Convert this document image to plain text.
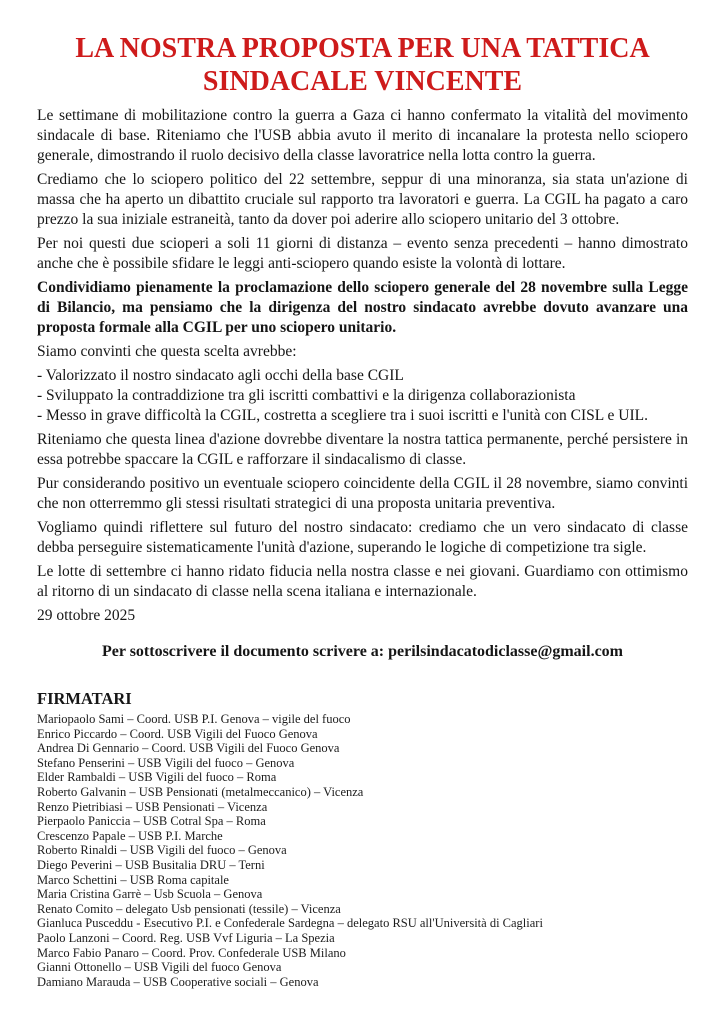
LA NOSTRA PROPOSTA PER UNA TATTICA SINDACALE VINCENTE

Le settimane di mobilitazione contro la guerra a Gaza ci hanno confermato la vitalità del movimento sindacale di base. Riteniamo che l'USB abbia avuto il merito di incanalare la protesta nello sciopero generale, dimostrando il ruolo decisivo della classe lavoratrice nella lotta contro la guerra.

Crediamo che lo sciopero politico del 22 settembre, seppur di una minoranza, sia stata un'azione di massa che ha aperto un dibattito cruciale sul rapporto tra lavoratori e guerra. La CGIL ha pagato a caro prezzo la sua iniziale estraneità, tanto da dover poi aderire allo sciopero unitario del 3 ottobre.

Per noi questi due scioperi a soli 11 giorni di distanza – evento senza precedenti – hanno dimostrato anche che è possibile sfidare le leggi anti-sciopero quando esiste la volontà di lottare.

Condividiamo pienamente la proclamazione dello sciopero generale del 28 novembre sulla Legge di Bilancio, ma pensiamo che la dirigenza del nostro sindacato avrebbe dovuto avanzare una proposta formale alla CGIL per uno sciopero unitario.

Siamo convinti che questa scelta avrebbe:

- Valorizzato il nostro sindacato agli occhi della base CGIL
- Sviluppato la contraddizione tra gli iscritti combattivi e la dirigenza collaborazionista
- Messo in grave difficoltà la CGIL, costretta a scegliere tra i suoi iscritti e l'unità con CISL e UIL.

Riteniamo che questa linea d'azione dovrebbe diventare la nostra tattica permanente, perché persistere in essa potrebbe spaccare la CGIL e rafforzare il sindacalismo di classe.

Pur considerando positivo un eventuale sciopero coincidente della CGIL il 28 novembre, siamo convinti che non otterremmo gli stessi risultati strategici di una proposta unitaria preventiva.

Vogliamo quindi riflettere sul futuro del nostro sindacato: crediamo che un vero sindacato di classe debba perseguire sistematicamente l'unità d'azione, superando le logiche di competizione tra sigle.

Le lotte di settembre ci hanno ridato fiducia nella nostra classe e nei giovani. Guardiamo con ottimismo al ritorno di un sindacato di classe nella scena italiana e internazionale.

29 ottobre 2025

Per sottoscrivere il documento scrivere a: perilsindacatodiclasse@gmail.com

FIRMATARI
Mariopaolo Sami – Coord. USB P.I. Genova – vigile del fuoco
Enrico Piccardo – Coord. USB Vigili del Fuoco Genova
Andrea Di Gennario – Coord. USB Vigili del Fuoco Genova
Stefano Penserini – USB Vigili del fuoco – Genova
Elder Rambaldi – USB Vigili del fuoco – Roma
Roberto Galvanin – USB Pensionati (metalmeccanico) – Vicenza
Renzo Pietribiasi – USB Pensionati – Vicenza
Pierpaolo Paniccia – USB Cotral Spa – Roma
Crescenzo Papale – USB P.I. Marche
Roberto Rinaldi – USB Vigili del fuoco – Genova
Diego Peverini – USB Busitalia DRU – Terni
Marco Schettini – USB Roma capitale
Maria Cristina Garrè – Usb Scuola – Genova
Renato Comito – delegato Usb pensionati (tessile) – Vicenza
Gianluca Pusceddu - Esecutivo P.I. e Confederale Sardegna – delegato RSU all'Università di Cagliari
Paolo Lanzoni – Coord. Reg. USB Vvf Liguria – La Spezia
Marco Fabio Panaro – Coord. Prov. Confederale USB Milano
Gianni Ottonello – USB Vigili del fuoco Genova
Damiano Marauda – USB Cooperative sociali – Genova
